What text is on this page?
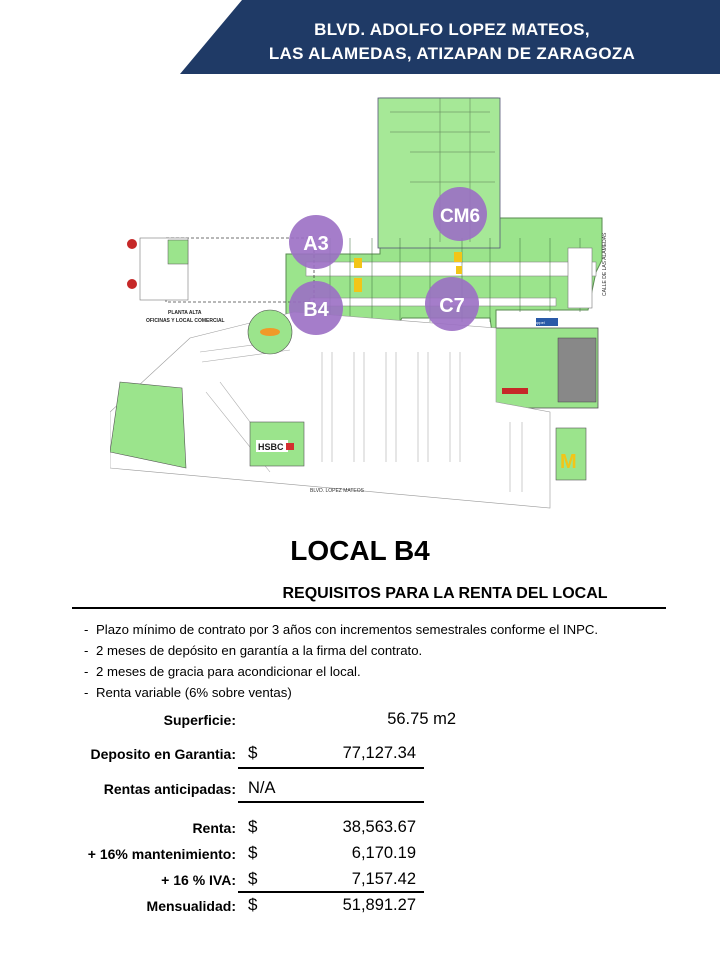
BLVD. ADOLFO LOPEZ MATEOS,
LAS ALAMEDAS, ATIZAPAN DE ZARAGOZA
CALLE DE LAS ALAMEDAS
PLANTA ALTA
OFICINAS Y LOCAL COMERCIAL
HSBC
M
BLVD. LOPEZ MATEOS
Coppel
A3
B4
CM6
C7
LOCAL B4
REQUISITOS PARA LA RENTA DEL LOCAL
- Plazo mínimo de contrato por 3 años con incrementos semestrales conforme el INPC.
- 2 meses de depósito en garantía a la firma del contrato.
- 2 meses de gracia para acondicionar el local.
- Renta variable (6% sobre ventas)
Superficie:	56.75 m2
Deposito en Garantia: $	77,127.34
Rentas anticipadas: N/A
Renta: $	38,563.67
+ 16% mantenimiento: $	6,170.19
+ 16 % IVA: $	7,157.42
Mensualidad: $	51,891.27
